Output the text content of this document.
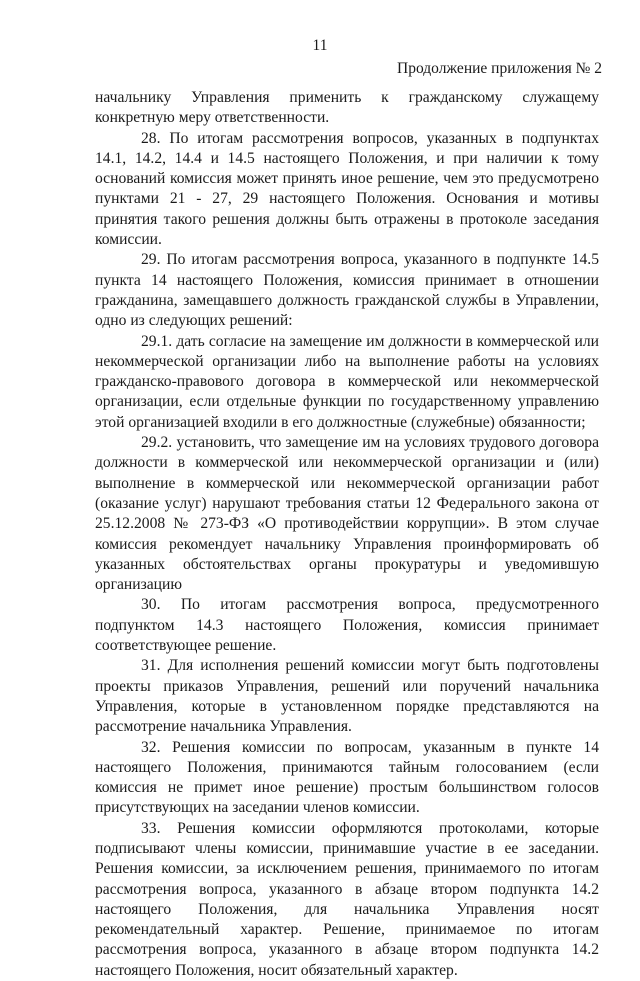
11
Продолжение приложения № 2

начальнику Управления применить к гражданскому служащему конкретную меру ответственности.

28. По итогам рассмотрения вопросов, указанных в подпунктах 14.1, 14.2, 14.4 и 14.5 настоящего Положения, и при наличии к тому оснований комиссия может принять иное решение, чем это предусмотрено пунктами 21 - 27, 29 настоящего Положения. Основания и мотивы принятия такого решения должны быть отражены в протоколе заседания комиссии.

29. По итогам рассмотрения вопроса, указанного в подпункте 14.5 пункта 14 настоящего Положения, комиссия принимает в отношении гражданина, замещавшего должность гражданской службы в Управлении, одно из следующих решений:

29.1. дать согласие на замещение им должности в коммерческой или некоммерческой организации либо на выполнение работы на условиях гражданско-правового договора в коммерческой или некоммерческой организации, если отдельные функции по государственному управлению этой организацией входили в его должностные (служебные) обязанности;

29.2. установить, что замещение им на условиях трудового договора должности в коммерческой или некоммерческой организации и (или) выполнение в коммерческой или некоммерческой организации работ (оказание услуг) нарушают требования статьи 12 Федерального закона от 25.12.2008 № 273-ФЗ «О противодействии коррупции». В этом случае комиссия рекомендует начальнику Управления проинформировать об указанных обстоятельствах органы прокуратуры и уведомившую организацию

30. По итогам рассмотрения вопроса, предусмотренного подпунктом 14.3 настоящего Положения, комиссия принимает соответствующее решение.

31. Для исполнения решений комиссии могут быть подготовлены проекты приказов Управления, решений или поручений начальника Управления, которые в установленном порядке представляются на рассмотрение начальника Управления.

32. Решения комиссии по вопросам, указанным в пункте 14 настоящего Положения, принимаются тайным голосованием (если комиссия не примет иное решение) простым большинством голосов присутствующих на заседании членов комиссии.

33. Решения комиссии оформляются протоколами, которые подписывают члены комиссии, принимавшие участие в ее заседании. Решения комиссии, за исключением решения, принимаемого по итогам рассмотрения вопроса, указанного в абзаце втором подпункта 14.2 настоящего Положения, для начальника Управления носят рекомендательный характер. Решение, принимаемое по итогам рассмотрения вопроса, указанного в абзаце втором подпункта 14.2 настоящего Положения, носит обязательный характер.
